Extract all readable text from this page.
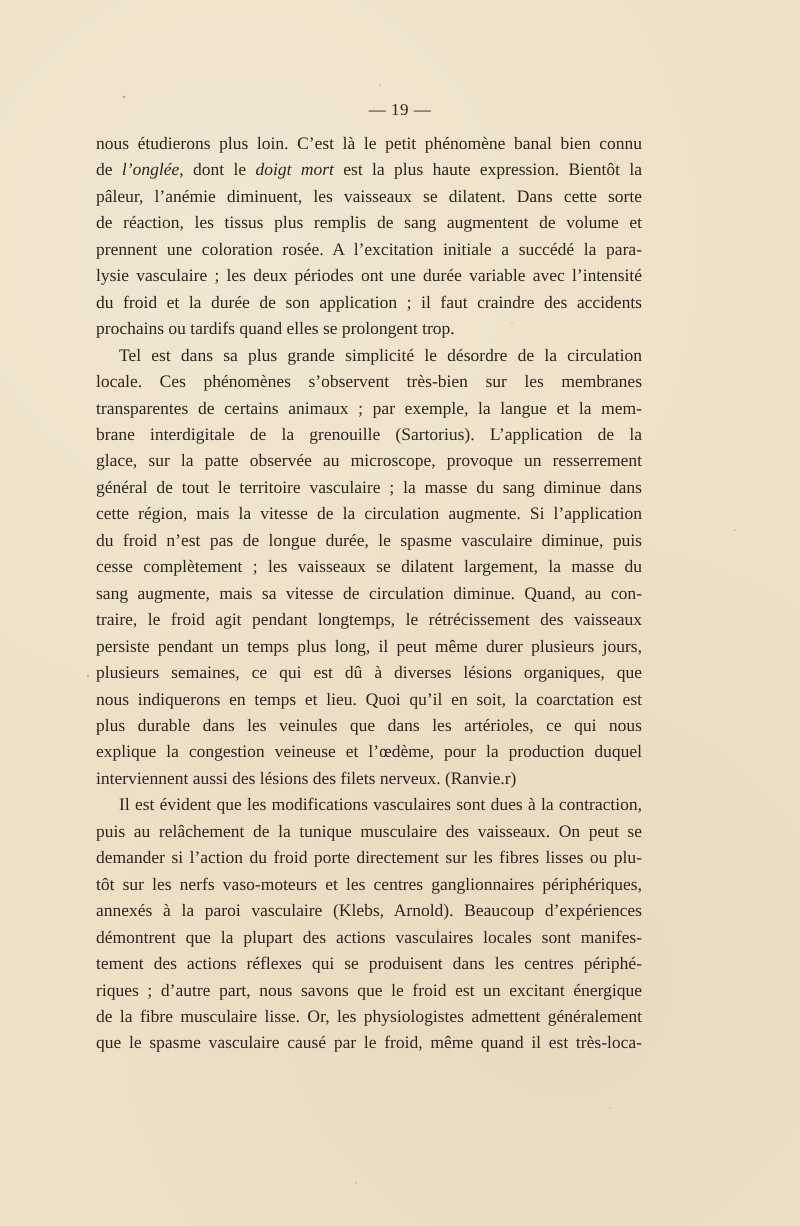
— 19 —

nous étudierons plus loin. C’est là le petit phénomène banal bien connu
de l’onglée, dont le doigt mort est la plus haute expression. Bientôt la
pâleur, l’anémie diminuent, les vaisseaux se dilatent. Dans cette sorte
de réaction, les tissus plus remplis de sang augmentent de volume et
prennent une coloration rosée. A l’excitation initiale a succédé la para-
lysie vasculaire ; les deux périodes ont une durée variable avec l’intensité
du froid et la durée de son application ; il faut craindre des accidents
prochains ou tardifs quand elles se prolongent trop.

Tel est dans sa plus grande simplicité le désordre de la circulation
locale. Ces phénomènes s’observent très-bien sur les membranes
transparentes de certains animaux ; par exemple, la langue et la mem-
brane interdigitale de la grenouille (Sartorius). L’application de la
glace, sur la patte observée au microscope, provoque un resserrement
général de tout le territoire vasculaire ; la masse du sang diminue dans
cette région, mais la vitesse de la circulation augmente. Si l’application
du froid n’est pas de longue durée, le spasme vasculaire diminue, puis
cesse complètement ; les vaisseaux se dilatent largement, la masse du
sang augmente, mais sa vitesse de circulation diminue. Quand, au con-
traire, le froid agit pendant longtemps, le rétrécissement des vaisseaux
persiste pendant un temps plus long, il peut même durer plusieurs jours,
plusieurs semaines, ce qui est dû à diverses lésions organiques, que
nous indiquerons en temps et lieu. Quoi qu’il en soit, la coarctation est
plus durable dans les veinules que dans les artérioles, ce qui nous
explique la congestion veineuse et l’œdème, pour la production duquel
interviennent aussi des lésions des filets nerveux. (Ranvie.r)

Il est évident que les modifications vasculaires sont dues à la contraction,
puis au relâchement de la tunique musculaire des vaisseaux. On peut se
demander si l’action du froid porte directement sur les fibres lisses ou plu-
tôt sur les nerfs vaso-moteurs et les centres ganglionnaires périphériques,
annexés à la paroi vasculaire (Klebs, Arnold). Beaucoup d’expériences
démontrent que la plupart des actions vasculaires locales sont manifes-
tement des actions réflexes qui se produisent dans les centres périphé-
riques ; d’autre part, nous savons que le froid est un excitant énergique
de la fibre musculaire lisse. Or, les physiologistes admettent généralement
que le spasme vasculaire causé par le froid, même quand il est très-loca-
